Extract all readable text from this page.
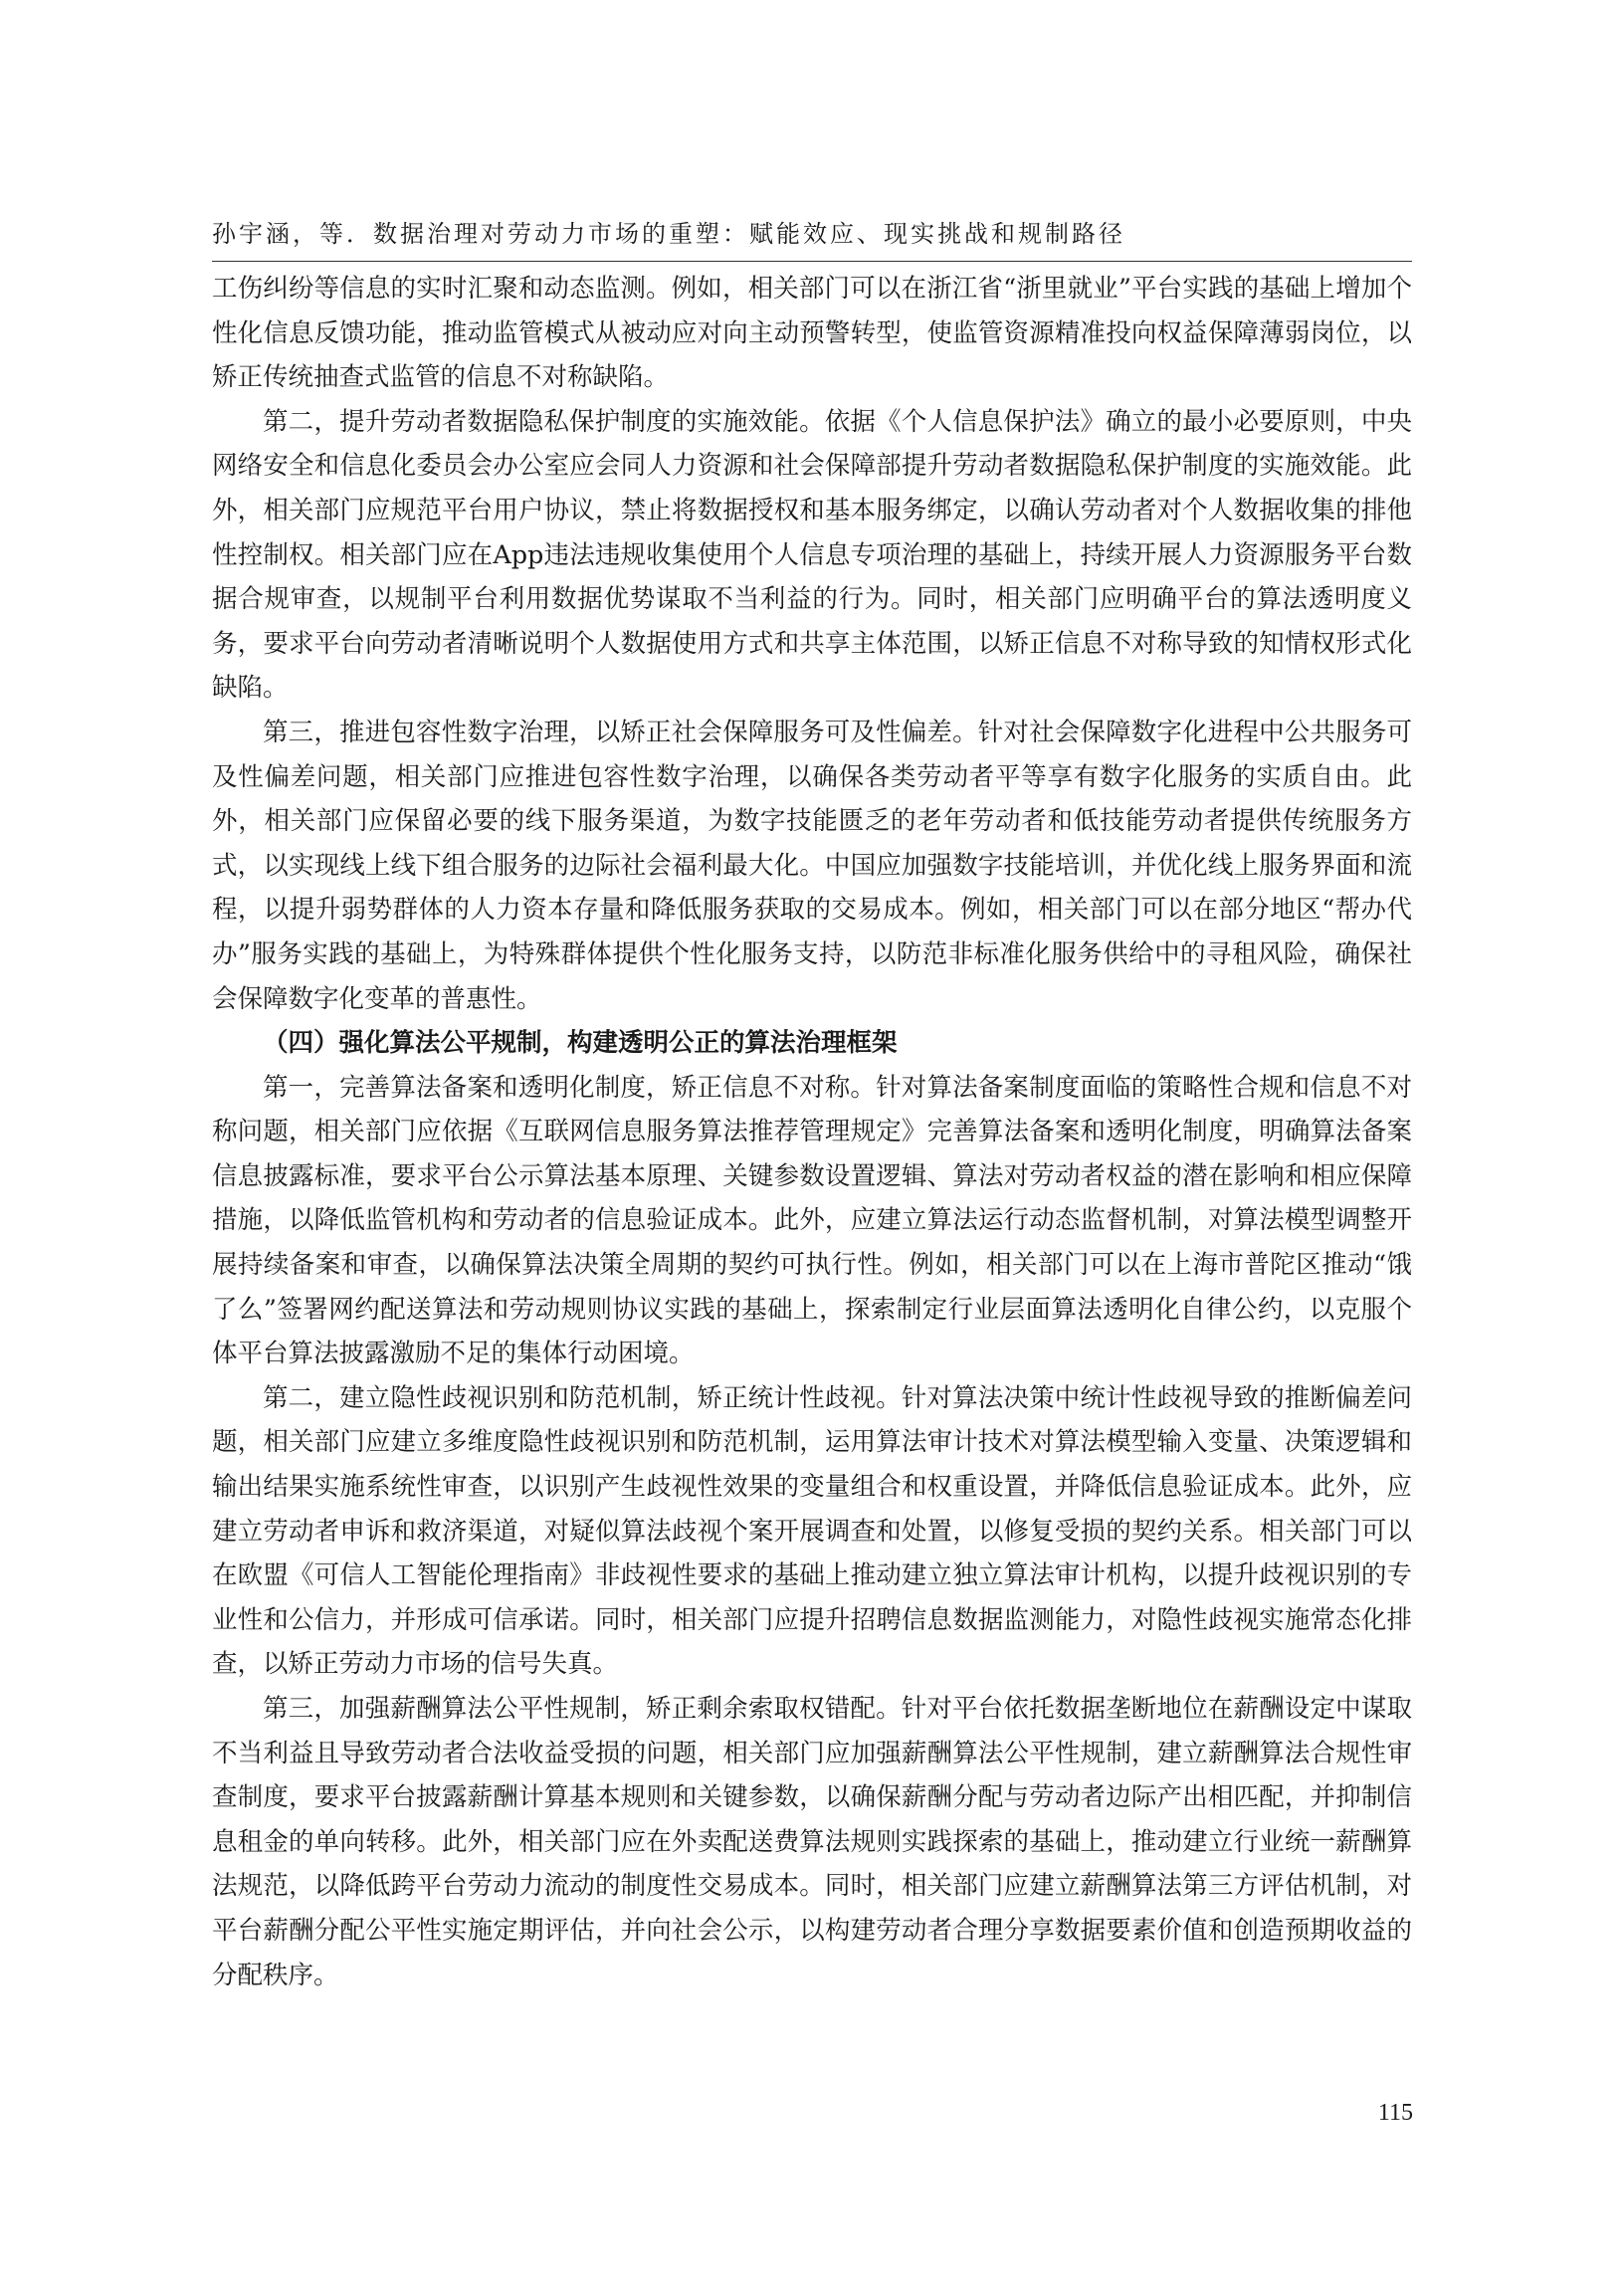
孙宇涵，等．数据治理对劳动力市场的重塑：赋能效应、现实挑战和规制路径

工伤纠纷等信息的实时汇聚和动态监测。例如，相关部门可以在浙江省“浙里就业”平台实践的基础上增加个性化信息反馈功能，推动监管模式从被动应对向主动预警转型，使监管资源精准投向权益保障薄弱岗位，以矫正传统抽查式监管的信息不对称缺陷。

第二，提升劳动者数据隐私保护制度的实施效能。依据《个人信息保护法》确立的最小必要原则，中央网络安全和信息化委员会办公室应会同人力资源和社会保障部提升劳动者数据隐私保护制度的实施效能。此外，相关部门应规范平台用户协议，禁止将数据授权和基本服务绑定，以确认劳动者对个人数据收集的排他性控制权。相关部门应在App违法违规收集使用个人信息专项治理的基础上，持续开展人力资源服务平台数据合规审查，以规制平台利用数据优势谋取不当利益的行为。同时，相关部门应明确平台的算法透明度义务，要求平台向劳动者清晰说明个人数据使用方式和共享主体范围，以矫正信息不对称导致的知情权形式化缺陷。

第三，推进包容性数字治理，以矫正社会保障服务可及性偏差。针对社会保障数字化进程中公共服务可及性偏差问题，相关部门应推进包容性数字治理，以确保各类劳动者平等享有数字化服务的实质自由。此外，相关部门应保留必要的线下服务渠道，为数字技能匮乏的老年劳动者和低技能劳动者提供传统服务方式，以实现线上线下组合服务的边际社会福利最大化。中国应加强数字技能培训，并优化线上服务界面和流程，以提升弱势群体的人力资本存量和降低服务获取的交易成本。例如，相关部门可以在部分地区“帮办代办”服务实践的基础上，为特殊群体提供个性化服务支持，以防范非标准化服务供给中的寻租风险，确保社会保障数字化变革的普惠性。

（四）强化算法公平规制，构建透明公正的算法治理框架

第一，完善算法备案和透明化制度，矫正信息不对称。针对算法备案制度面临的策略性合规和信息不对称问题，相关部门应依据《互联网信息服务算法推荐管理规定》完善算法备案和透明化制度，明确算法备案信息披露标准，要求平台公示算法基本原理、关键参数设置逻辑、算法对劳动者权益的潜在影响和相应保障措施，以降低监管机构和劳动者的信息验证成本。此外，应建立算法运行动态监督机制，对算法模型调整开展持续备案和审查，以确保算法决策全周期的契约可执行性。例如，相关部门可以在上海市普陀区推动“饿了么”签署网约配送算法和劳动规则协议实践的基础上，探索制定行业层面算法透明化自律公约，以克服个体平台算法披露激励不足的集体行动困境。

第二，建立隐性歧视识别和防范机制，矫正统计性歧视。针对算法决策中统计性歧视导致的推断偏差问题，相关部门应建立多维度隐性歧视识别和防范机制，运用算法审计技术对算法模型输入变量、决策逻辑和输出结果实施系统性审查，以识别产生歧视性效果的变量组合和权重设置，并降低信息验证成本。此外，应建立劳动者申诉和救济渠道，对疑似算法歧视个案开展调查和处置，以修复受损的契约关系。相关部门可以在欧盟《可信人工智能伦理指南》非歧视性要求的基础上推动建立独立算法审计机构，以提升歧视识别的专业性和公信力，并形成可信承诺。同时，相关部门应提升招聘信息数据监测能力，对隐性歧视实施常态化排查，以矫正劳动力市场的信号失真。

第三，加强薪酬算法公平性规制，矫正剩余索取权错配。针对平台依托数据垄断地位在薪酬设定中谋取不当利益且导致劳动者合法收益受损的问题，相关部门应加强薪酬算法公平性规制，建立薪酬算法合规性审查制度，要求平台披露薪酬计算基本规则和关键参数，以确保薪酬分配与劳动者边际产出相匹配，并抑制信息租金的单向转移。此外，相关部门应在外卖配送费算法规则实践探索的基础上，推动建立行业统一薪酬算法规范，以降低跨平台劳动力流动的制度性交易成本。同时，相关部门应建立薪酬算法第三方评估机制，对平台薪酬分配公平性实施定期评估，并向社会公示，以构建劳动者合理分享数据要素价值和创造预期收益的分配秩序。

115
